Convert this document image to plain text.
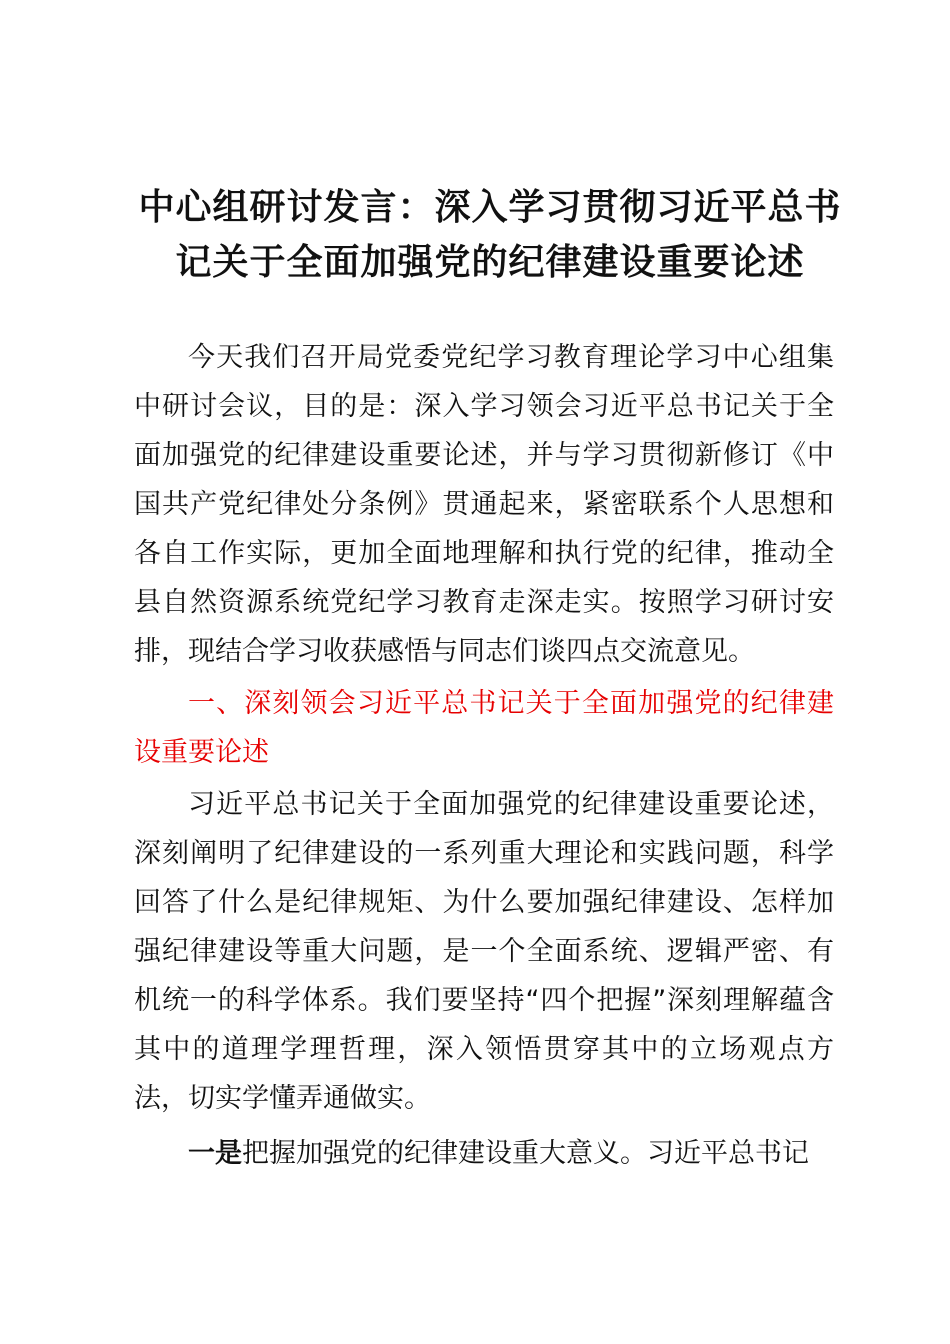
中心组研讨发言：深入学习贯彻习近平总书
记关于全面加强党的纪律建设重要论述

今天我们召开局党委党纪学习教育理论学习中心组集中研讨会议，目的是：深入学习领会习近平总书记关于全面加强党的纪律建设重要论述，并与学习贯彻新修订《中国共产党纪律处分条例》贯通起来，紧密联系个人思想和各自工作实际，更加全面地理解和执行党的纪律，推动全县自然资源系统党纪学习教育走深走实。按照学习研讨安排，现结合学习收获感悟与同志们谈四点交流意见。

一、深刻领会习近平总书记关于全面加强党的纪律建设重要论述

习近平总书记关于全面加强党的纪律建设重要论述，深刻阐明了纪律建设的一系列重大理论和实践问题，科学回答了什么是纪律规矩、为什么要加强纪律建设、怎样加强纪律建设等重大问题，是一个全面系统、逻辑严密、有机统一的科学体系。我们要坚持“四个把握”深刻理解蕴含其中的道理学理哲理，深入领悟贯穿其中的立场观点方法，切实学懂弄通做实。

一是把握加强党的纪律建设重大意义。习近平总书记
